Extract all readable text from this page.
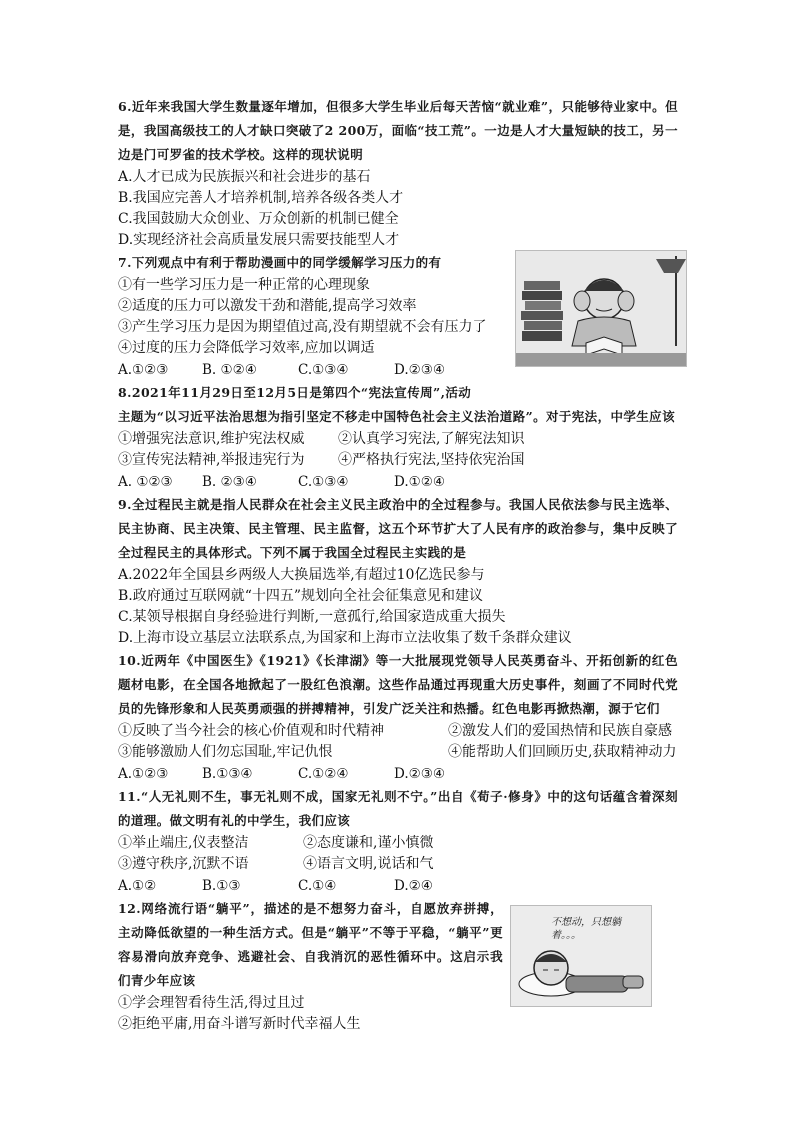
6.近年来我国大学生数量逐年增加，但很多大学生毕业后每天苦恼“就业难”，只能够待业家中。但是，我国高级技工的人才缺口突破了2 200万，面临“技工荒”。一边是人才大量短缺的技工，另一边是门可罗雀的技术学校。这样的现状说明
A.人才已成为民族振兴和社会进步的基石
B.我国应完善人才培养机制,培养各级各类人才
C.我国鼓励大众创业、万众创新的机制已健全
D.实现经济社会高质量发展只需要技能型人才
7.下列观点中有利于帮助漫画中的同学缓解学习压力的有
①有一些学习压力是一种正常的心理现象
②适度的压力可以激发干劲和潜能,提高学习效率
③产生学习压力是因为期望值过高,没有期望就不会有压力了
④过度的压力会降低学习效率,应加以调适
A.①②③	B. ①②④	C.①③④	D.②③④
8.2021年11月29日至12月5日是第四个“宪法宣传周”,活动
主题为“以习近平法治思想为指引坚定不移走中国特色社会主义法治道路”。对于宪法，中学生应该
①增强宪法意识,维护宪法权威	②认真学习宪法,了解宪法知识
③宣传宪法精神,举报违宪行为	④严格执行宪法,坚持依宪治国
A. ①②③	B. ②③④	C.①③④	D.①②④
9.全过程民主就是指人民群众在社会主义民主政治中的全过程参与。我国人民依法参与民主选举、民主协商、民主决策、民主管理、民主监督，这五个环节扩大了人民有序的政治参与，集中反映了全过程民主的具体形式。下列不属于我国全过程民主实践的是
A.2022年全国县乡两级人大换届选举,有超过10亿选民参与
B.政府通过互联网就“十四五”规划向全社会征集意见和建议
C.某领导根据自身经验进行判断,一意孤行,给国家造成重大损失
D.上海市设立基层立法联系点,为国家和上海市立法收集了数千条群众建议
10.近两年《中国医生》《1921》《长津湖》等一大批展现党领导人民英勇奋斗、开拓创新的红色题材电影，在全国各地掀起了一股红色浪潮。这些作品通过再现重大历史事件，刻画了不同时代党员的先锋形象和人民英勇顽强的拼搏精神，引发广泛关注和热播。红色电影再掀热潮，源于它们
①反映了当今社会的核心价值观和时代精神	②激发人们的爱国热情和民族自豪感
③能够激励人们勿忘国耻,牢记仇恨	④能帮助人们回顾历史,获取精神动力
A.①②③	B.①③④	C.①②④	D.②③④
11.“人无礼则不生，事无礼则不成，国家无礼则不宁。”出自《荀子·修身》中的这句话蕴含着深刻的道理。做文明有礼的中学生，我们应该
①举止端庄,仪表整洁	②态度谦和,谨小慎微
③遵守秩序,沉默不语	④语言文明,说话和气
A.①②	B.①③	C.①④	D.②④
12.网络流行语“躺平”，描述的是不想努力奋斗，自愿放弃拼搏，主动降低欲望的一种生活方式。但是“躺平”不等于平稳，“躺平”更容易滑向放弃竞争、逃避社会、自我消沉的恶性循环中。这启示我们青少年应该
①学会理智看待生活,得过且过
②拒绝平庸,用奋斗谱写新时代幸福人生
不想动，只想躺着。。。
